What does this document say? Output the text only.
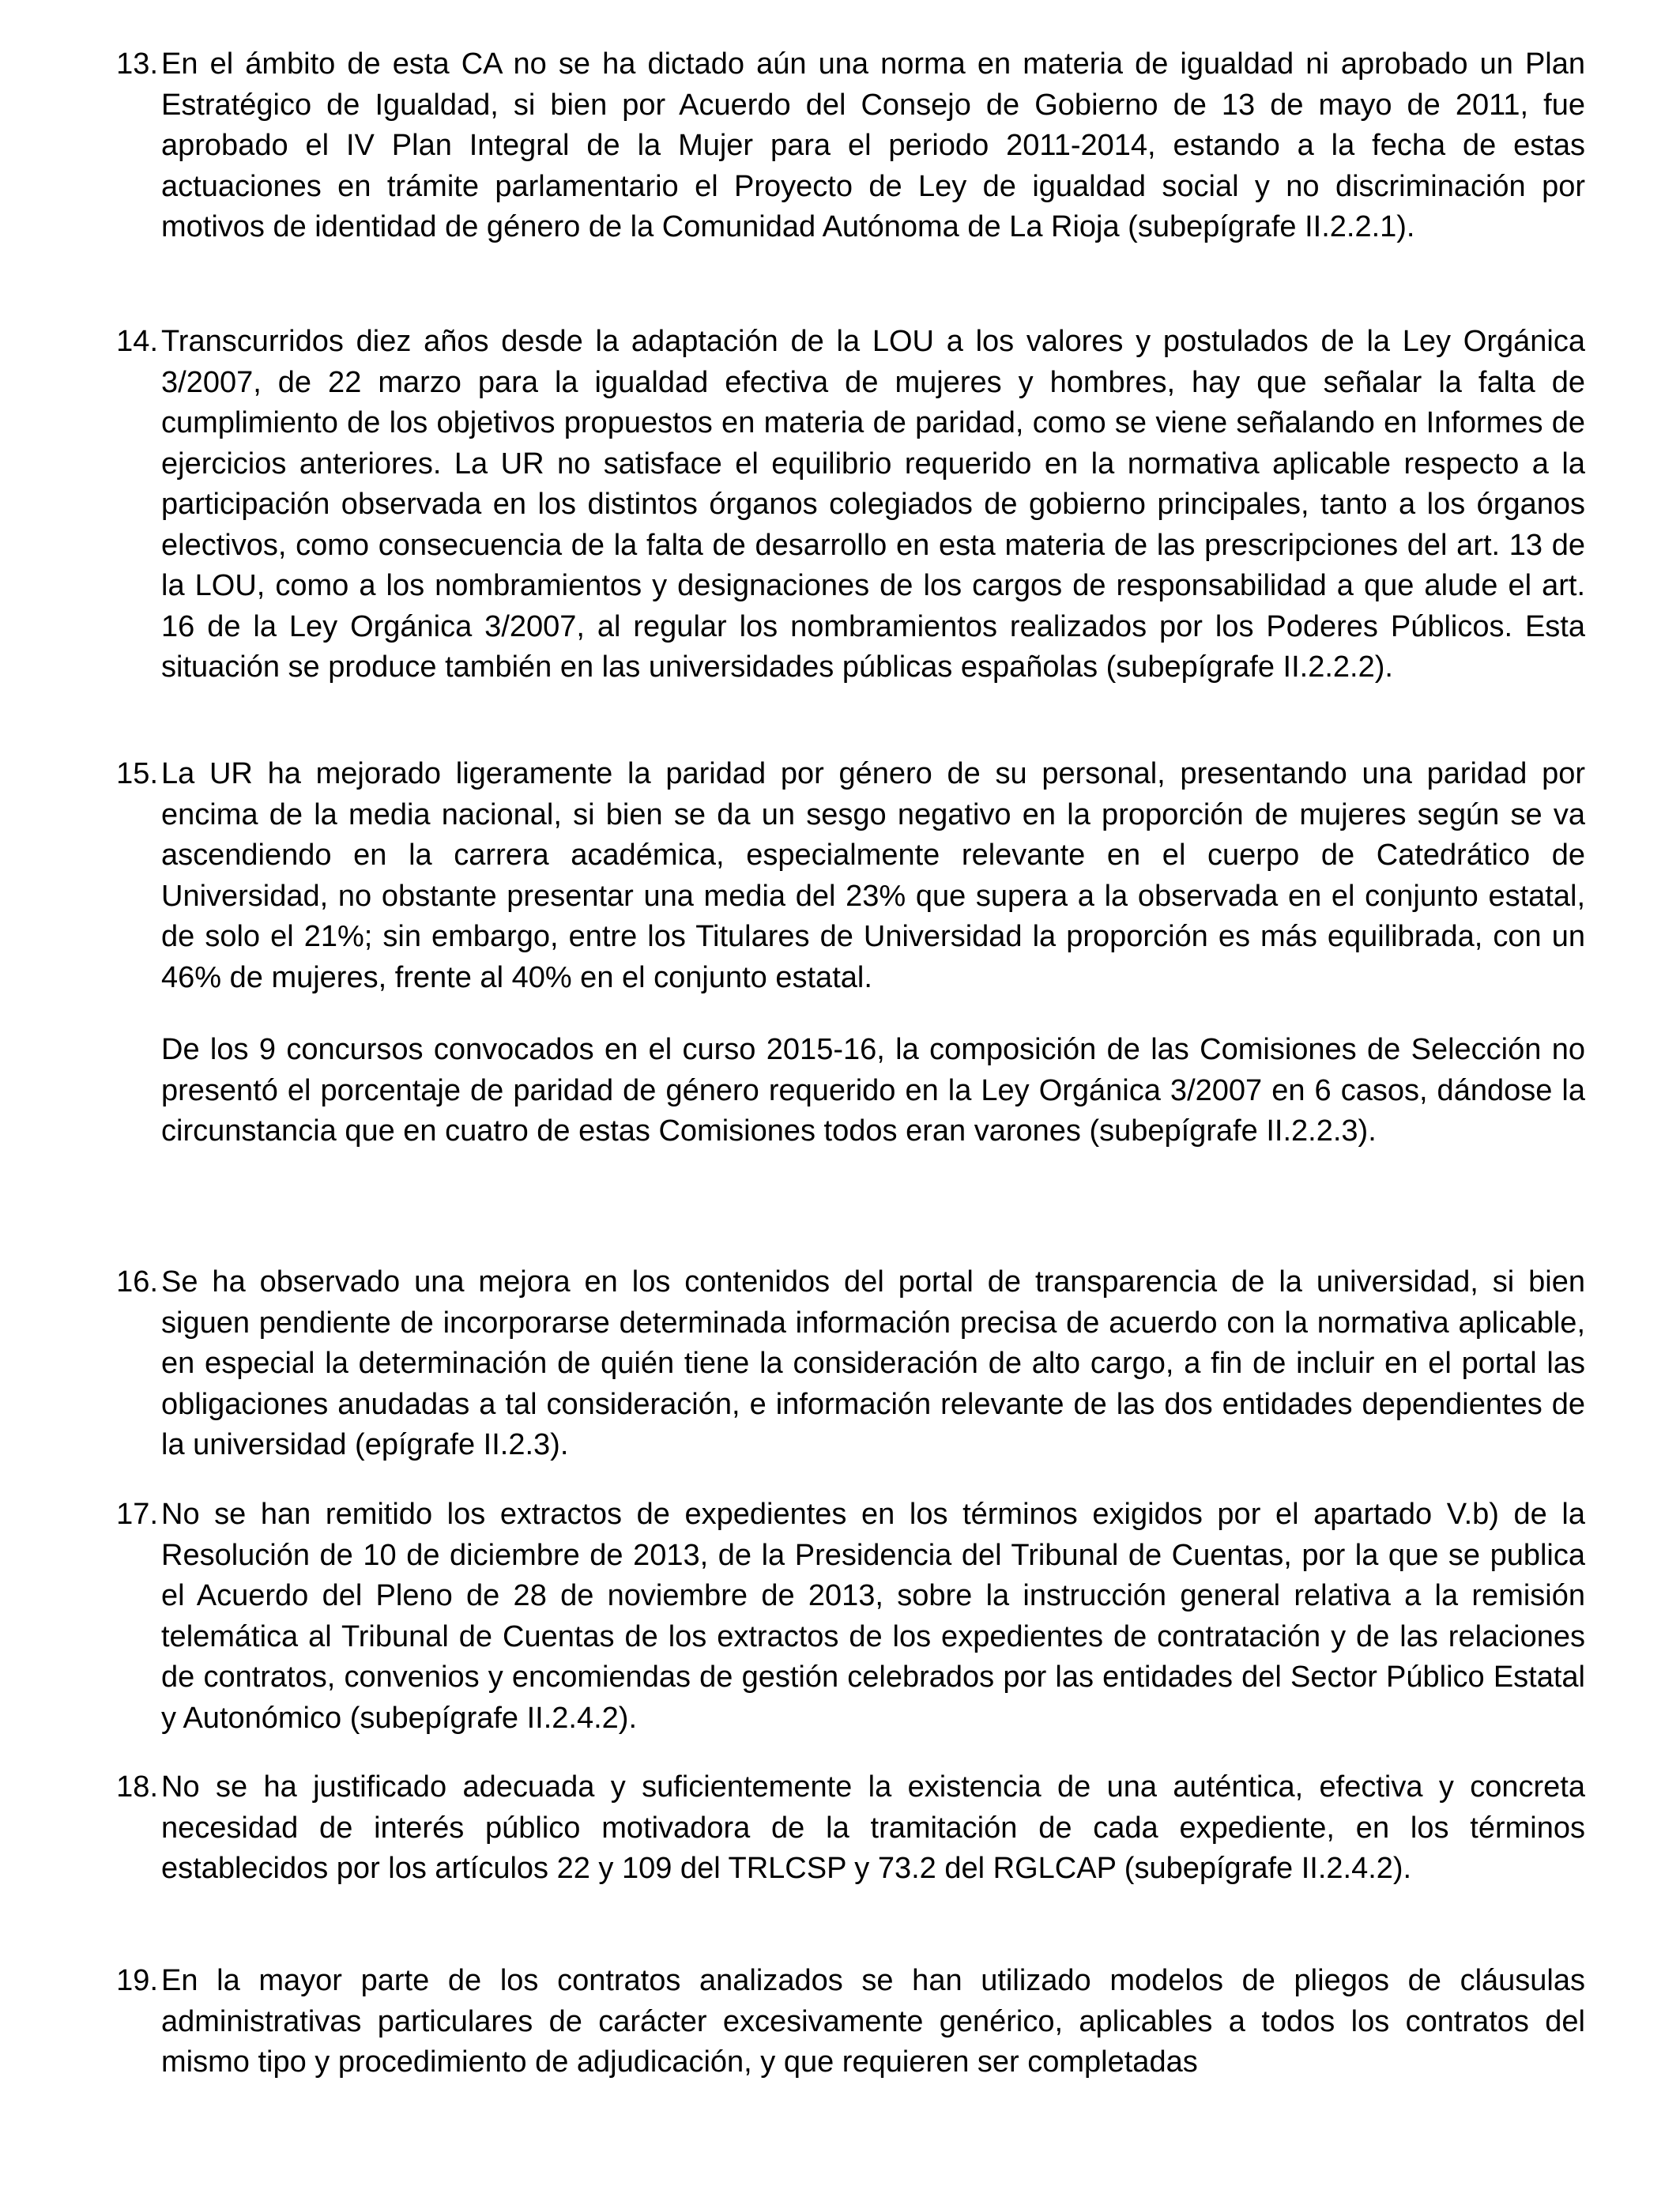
13. En el ámbito de esta CA no se ha dictado aún una norma en materia de igualdad ni aprobado un Plan Estratégico de Igualdad, si bien por Acuerdo del Consejo de Gobierno de 13 de mayo de 2011, fue aprobado el IV Plan Integral de la Mujer para el periodo 2011-2014, estando a la fecha de estas actuaciones en trámite parlamentario el Proyecto de Ley de igualdad social y no discriminación por motivos de identidad de género de la Comunidad Autónoma de La Rioja (subepígrafe II.2.2.1).

14. Transcurridos diez años desde la adaptación de la LOU a los valores y postulados de la Ley Orgánica 3/2007, de 22 marzo para la igualdad efectiva de mujeres y hombres, hay que señalar la falta de cumplimiento de los objetivos propuestos en materia de paridad, como se viene señalando en Informes de ejercicios anteriores. La UR no satisface el equilibrio requerido en la normativa aplicable respecto a la participación observada en los distintos órganos colegiados de gobierno principales, tanto a los órganos electivos, como consecuencia de la falta de desarrollo en esta materia de las prescripciones del art. 13 de la LOU, como a los nombramientos y designaciones de los cargos de responsabilidad a que alude el art. 16 de la Ley Orgánica 3/2007, al regular los nombramientos realizados por los Poderes Públicos. Esta situación se produce también en las universidades públicas españolas (subepígrafe II.2.2.2).

15. La UR ha mejorado ligeramente la paridad por género de su personal, presentando una paridad por encima de la media nacional, si bien se da un sesgo negativo en la proporción de mujeres según se va ascendiendo en la carrera académica, especialmente relevante en el cuerpo de Catedrático de Universidad, no obstante presentar una media del 23% que supera a la observada en el conjunto estatal, de solo el 21%; sin embargo, entre los Titulares de Universidad la proporción es más equilibrada, con un 46% de mujeres, frente al 40% en el conjunto estatal.

De los 9 concursos convocados en el curso 2015-16, la composición de las Comisiones de Selección no presentó el porcentaje de paridad de género requerido en la Ley Orgánica 3/2007 en 6 casos, dándose la circunstancia que en cuatro de estas Comisiones todos eran varones (subepígrafe II.2.2.3).

16. Se ha observado una mejora en los contenidos del portal de transparencia de la universidad, si bien siguen pendiente de incorporarse determinada información precisa de acuerdo con la normativa aplicable, en especial la determinación de quién tiene la consideración de alto cargo, a fin de incluir en el portal las obligaciones anudadas a tal consideración, e información relevante de las dos entidades dependientes de la universidad (epígrafe II.2.3).

17. No se han remitido los extractos de expedientes en los términos exigidos por el apartado V.b) de la Resolución de 10 de diciembre de 2013, de la Presidencia del Tribunal de Cuentas, por la que se publica el Acuerdo del Pleno de 28 de noviembre de 2013, sobre la instrucción general relativa a la remisión telemática al Tribunal de Cuentas de los extractos de los expedientes de contratación y de las relaciones de contratos, convenios y encomiendas de gestión celebrados por las entidades del Sector Público Estatal y Autonómico (subepígrafe II.2.4.2).

18. No se ha justificado adecuada y suficientemente la existencia de una auténtica, efectiva y concreta necesidad de interés público motivadora de la tramitación de cada expediente, en los términos establecidos por los artículos 22 y 109 del TRLCSP y 73.2 del RGLCAP (subepígrafe II.2.4.2).

19. En la mayor parte de los contratos analizados se han utilizado modelos de pliegos de cláusulas administrativas particulares de carácter excesivamente genérico, aplicables a todos los contratos del mismo tipo y procedimiento de adjudicación, y que requieren ser completadas
